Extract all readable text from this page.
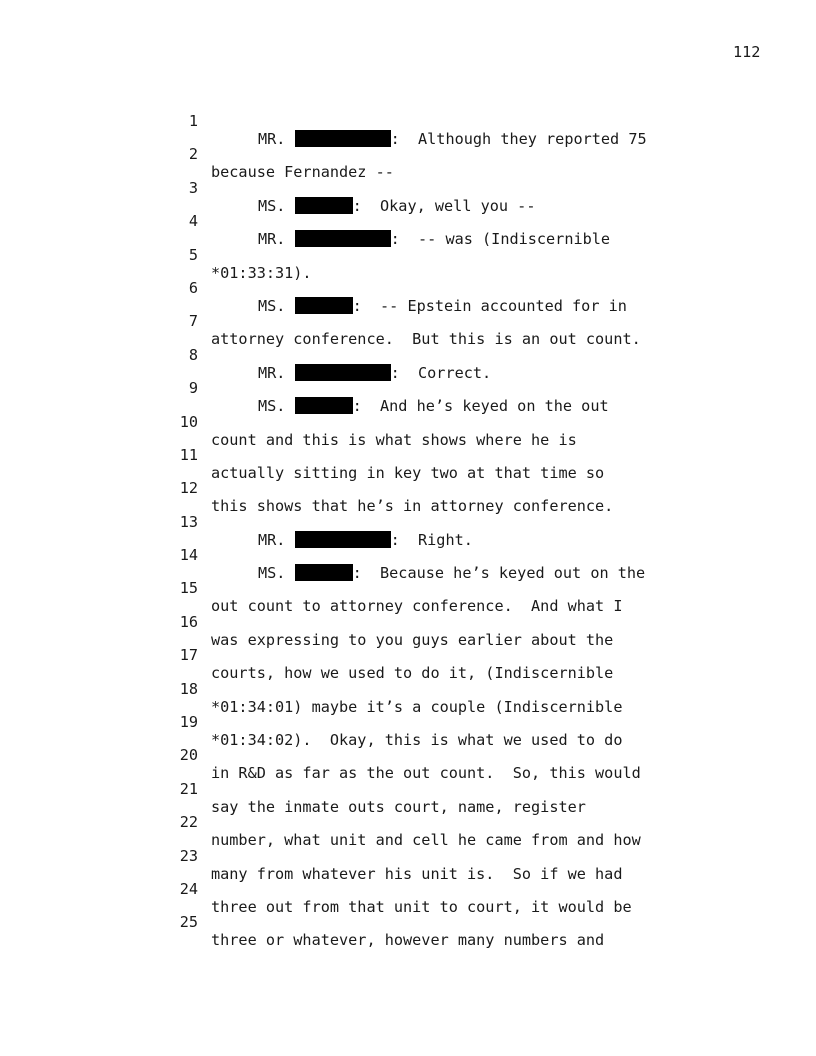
112

1

MR.	:  Although they reported 75

2

because Fernandez --

3

MS.	:  Okay, well you --

4

MR.	:  -- was (Indiscernible

5

*01:33:31).

6

MS.	:  -- Epstein accounted for in

7

attorney conference.  But this is an out count.

8

MR.	:  Correct.

9

MS.	:  And he’s keyed on the out

10

count and this is what shows where he is

11

actually sitting in key two at that time so

12

this shows that he’s in attorney conference.

13

MR.	:  Right.

14

MS.	:  Because he’s keyed out on the

15

out count to attorney conference.  And what I

16

was expressing to you guys earlier about the

17

courts, how we used to do it, (Indiscernible

18

*01:34:01) maybe it’s a couple (Indiscernible

19

*01:34:02).  Okay, this is what we used to do

20

in R&D as far as the out count.  So, this would

21

say the inmate outs court, name, register

22

number, what unit and cell he came from and how

23

many from whatever his unit is.  So if we had

24

three out from that unit to court, it would be

25

three or whatever, however many numbers and
